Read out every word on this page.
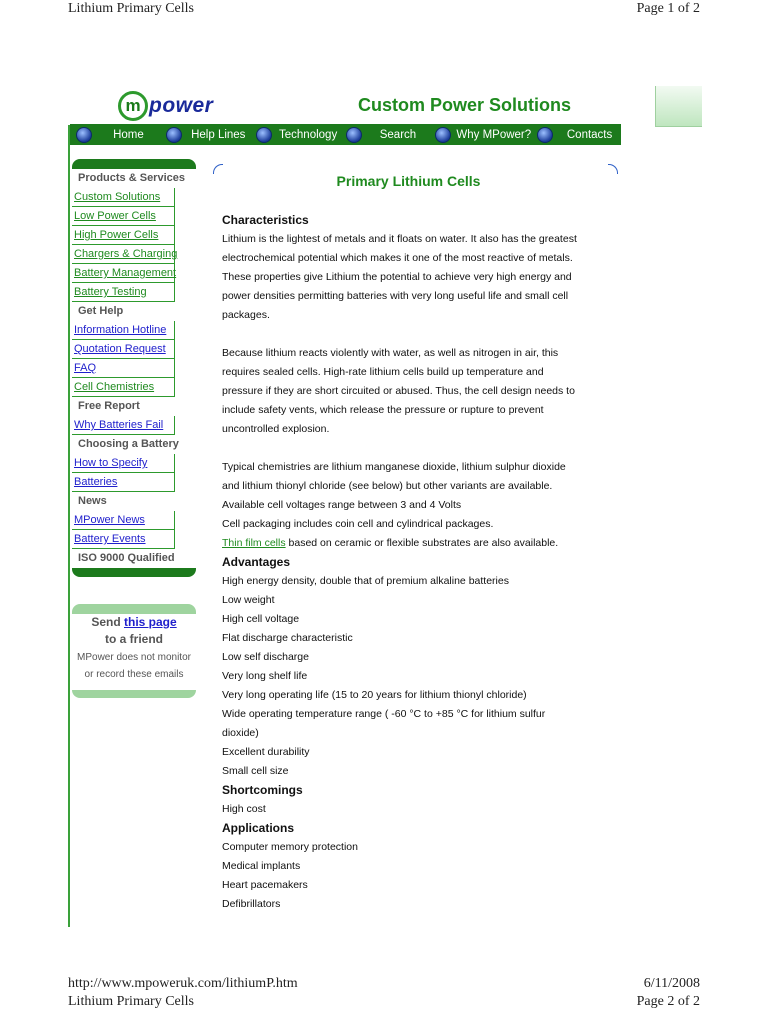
Lithium Primary Cells	Page 1 of 2
m power	Custom Power Solutions
Home	Help Lines	Technology	Search	Why MPower?	Contacts
Products & Services
Custom Solutions
Low Power Cells
High Power Cells
Chargers & Charging
Battery Management
Battery Testing
Get Help
Information Hotline
Quotation Request
FAQ
Cell Chemistries
Free Report
Why Batteries Fail
Choosing a Battery
How to Specify
Batteries
News
MPower News
Battery Events
ISO 9000 Qualified
Send this page
to a friend
MPower does not monitor
or record these emails
Primary Lithium Cells
Characteristics
Lithium is the lightest of metals and it floats on water. It also has the greatest
electrochemical potential which makes it one of the most reactive of metals.
These properties give Lithium the potential to achieve very high energy and
power densities permitting batteries with very long useful life and small cell
packages.
Because lithium reacts violently with water, as well as nitrogen in air, this
requires sealed cells. High-rate lithium cells build up temperature and
pressure if they are short circuited or abused. Thus, the cell design needs to
include safety vents, which release the pressure or rupture to prevent
uncontrolled explosion.
Typical chemistries are lithium manganese dioxide, lithium sulphur dioxide
and lithium thionyl chloride (see below) but other variants are available.
Available cell voltages range between 3 and 4 Volts
Cell packaging includes coin cell and cylindrical packages.
Thin film cells based on ceramic or flexible substrates are also available.
Advantages
High energy density, double that of premium alkaline batteries
Low weight
High cell voltage
Flat discharge characteristic
Low self discharge
Very long shelf life
Very long operating life (15 to 20 years for lithium thionyl chloride)
Wide operating temperature range ( -60 °C to +85 °C for lithium sulfur
dioxide)
Excellent durability
Small cell size
Shortcomings
High cost
Applications
Computer memory protection
Medical implants
Heart pacemakers
Defibrillators
http://www.mpoweruk.com/lithiumP.htm	6/11/2008
Lithium Primary Cells	Page 2 of 2
